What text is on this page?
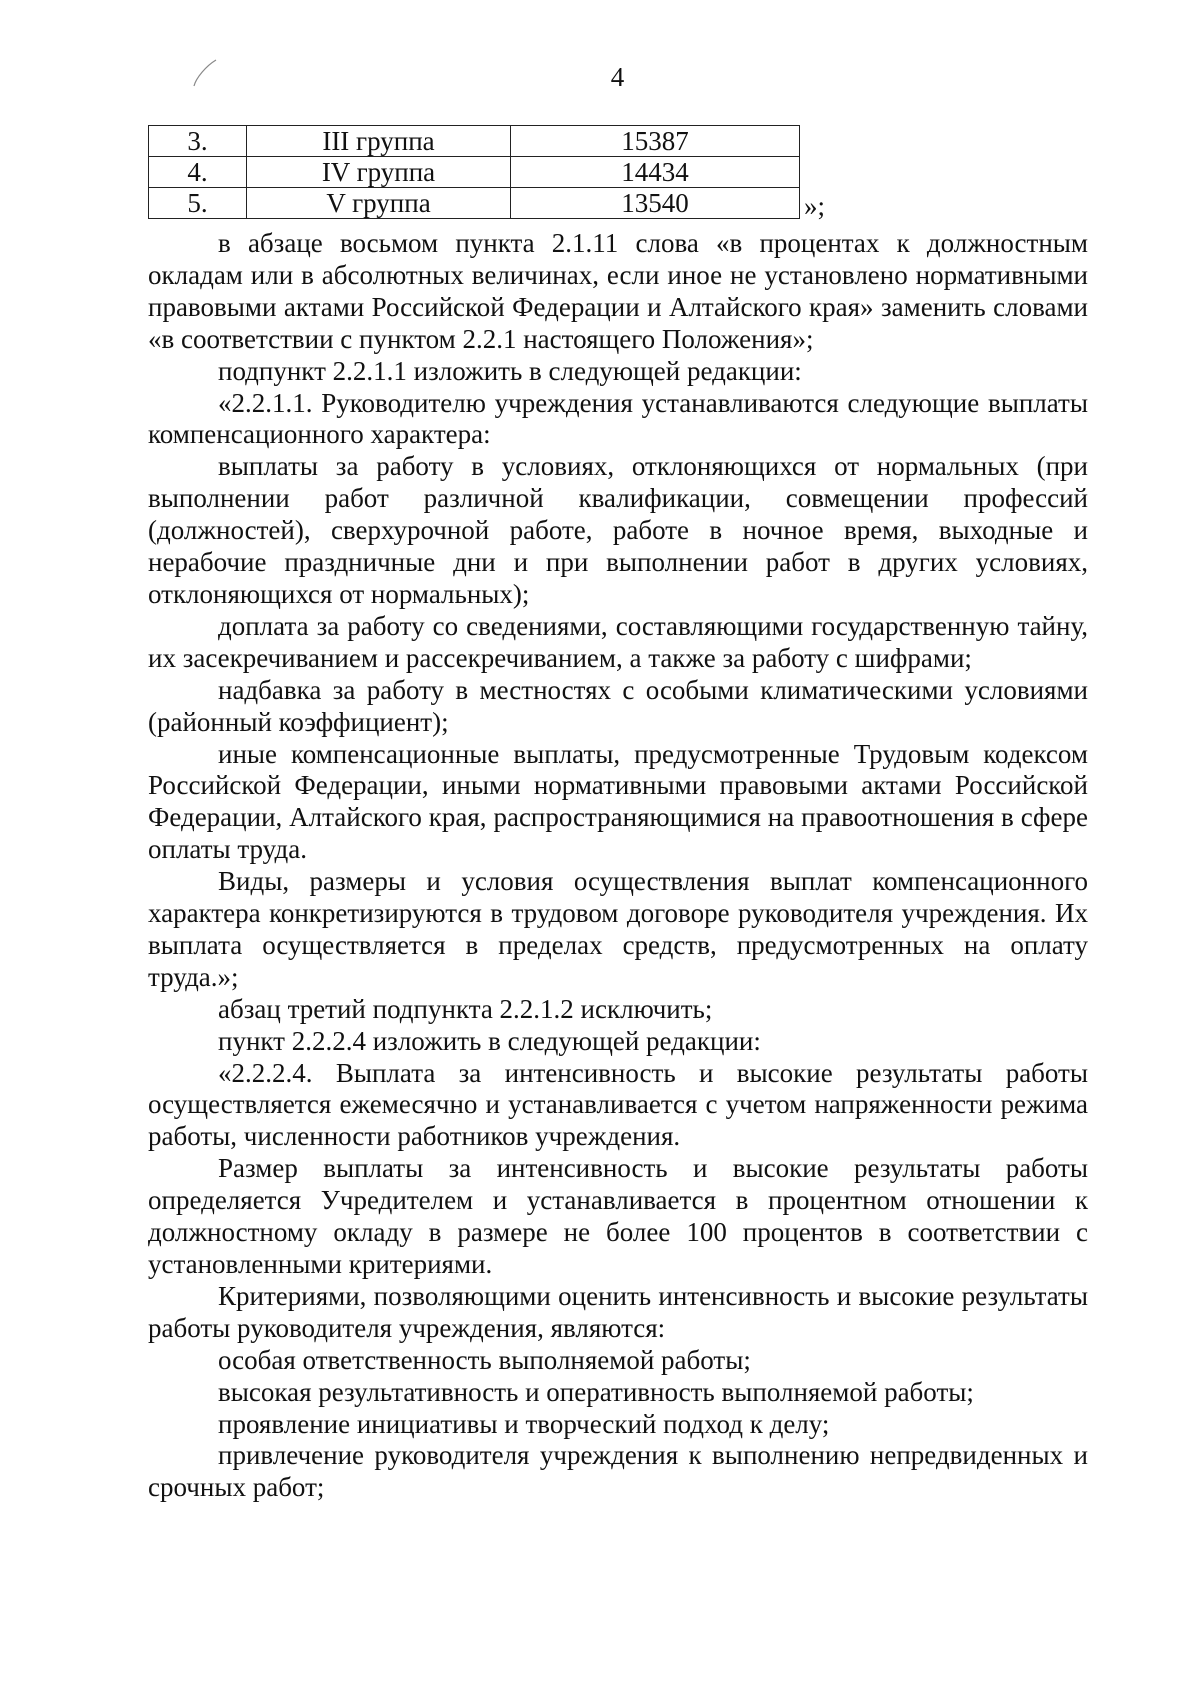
4
3.	III группа	15387
4.	IV группа	14434
5.	V группа	13540	»;

в абзаце восьмом пункта 2.1.11 слова «в процентах к должностным окладам или в абсолютных величинах, если иное не установлено нормативными правовыми актами Российской Федерации и Алтайского края» заменить словами «в соответствии с пунктом 2.2.1 настоящего Положения»;

подпункт 2.2.1.1 изложить в следующей редакции:

«2.2.1.1. Руководителю учреждения устанавливаются следующие выплаты компенсационного характера:

выплаты за работу в условиях, отклоняющихся от нормальных (при выполнении работ различной квалификации, совмещении профессий (должностей), сверхурочной работе, работе в ночное время, выходные и нерабочие праздничные дни и при выполнении работ в других условиях, отклоняющихся от нормальных);

доплата за работу со сведениями, составляющими государственную тайну, их засекречиванием и рассекречиванием, а также за работу с шифрами;

надбавка за работу в местностях с особыми климатическими условиями (районный коэффициент);

иные компенсационные выплаты, предусмотренные Трудовым кодексом Российской Федерации, иными нормативными правовыми актами Российской Федерации, Алтайского края, распространяющимися на правоотношения в сфере оплаты труда.

Виды, размеры и условия осуществления выплат компенсационного характера конкретизируются в трудовом договоре руководителя учреждения. Их выплата осуществляется в пределах средств, предусмотренных на оплату труда.»;

абзац третий подпункта 2.2.1.2 исключить;

пункт 2.2.2.4 изложить в следующей редакции:

«2.2.2.4. Выплата за интенсивность и высокие результаты работы осуществляется ежемесячно и устанавливается с учетом напряженности режима работы, численности работников учреждения.

Размер выплаты за интенсивность и высокие результаты работы определяется Учредителем и устанавливается в процентном отношении к должностному окладу в размере не более 100 процентов в соответствии с установленными критериями.

Критериями, позволяющими оценить интенсивность и высокие результаты работы руководителя учреждения, являются:

особая ответственность выполняемой работы;

высокая результативность и оперативность выполняемой работы;

проявление инициативы и творческий подход к делу;

привлечение руководителя учреждения к выполнению непредвиденных и срочных работ;
